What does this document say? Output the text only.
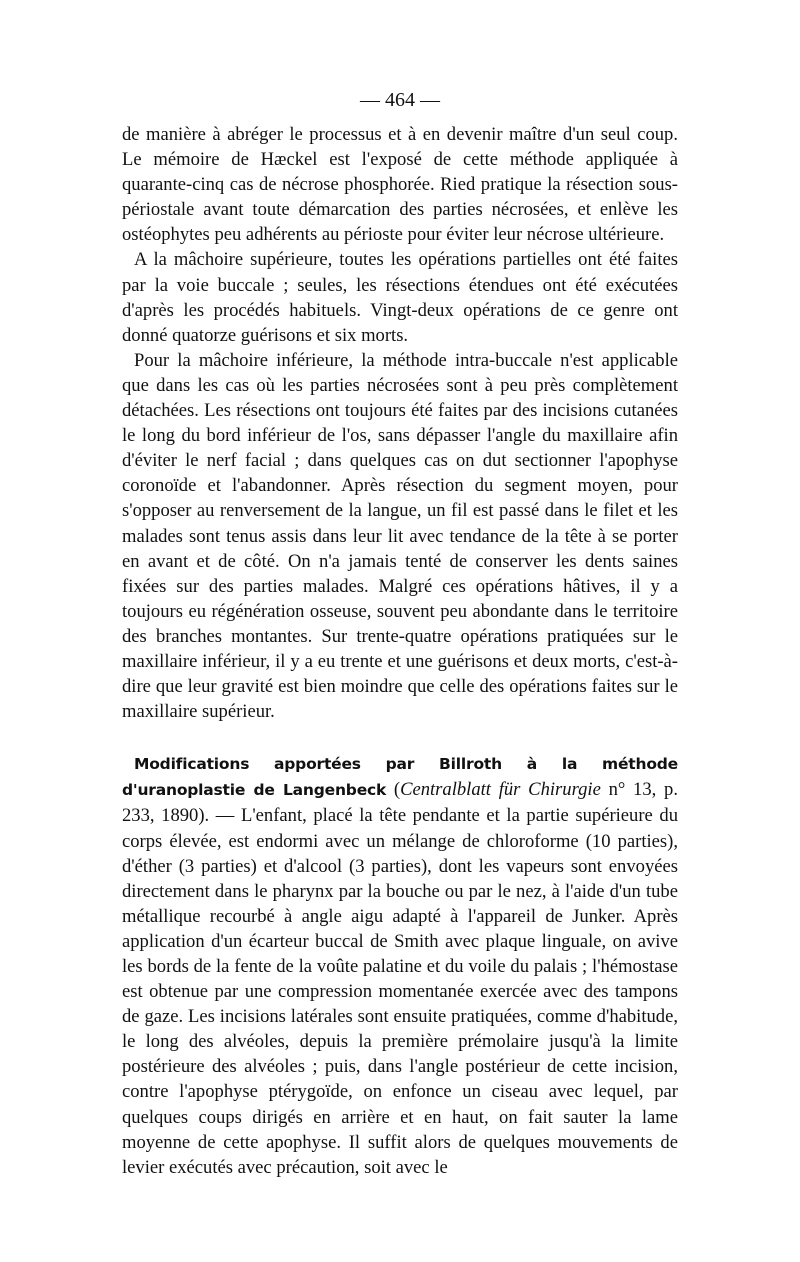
— 464 —

de manière à abréger le processus et à en devenir maître d'un seul coup. Le mémoire de Hæckel est l'exposé de cette méthode appliquée à quarante-cinq cas de nécrose phosphorée. Ried pratique la résection sous-périostale avant toute démarcation des parties nécrosées, et enlève les ostéophytes peu adhérents au périoste pour éviter leur nécrose ultérieure.

A la mâchoire supérieure, toutes les opérations partielles ont été faites par la voie buccale ; seules, les résections étendues ont été exécutées d'après les procédés habituels. Vingt-deux opérations de ce genre ont donné quatorze guérisons et six morts.

Pour la mâchoire inférieure, la méthode intra-buccale n'est applicable que dans les cas où les parties nécrosées sont à peu près complètement détachées. Les résections ont toujours été faites par des incisions cutanées le long du bord inférieur de l'os, sans dépasser l'angle du maxillaire afin d'éviter le nerf facial ; dans quelques cas on dut sectionner l'apophyse coronoïde et l'abandonner. Après résection du segment moyen, pour s'opposer au renversement de la langue, un fil est passé dans le filet et les malades sont tenus assis dans leur lit avec tendance de la tête à se porter en avant et de côté. On n'a jamais tenté de conserver les dents saines fixées sur des parties malades. Malgré ces opérations hâtives, il y a toujours eu régénération osseuse, souvent peu abondante dans le territoire des branches montantes. Sur trente-quatre opérations pratiquées sur le maxillaire inférieur, il y a eu trente et une guérisons et deux morts, c'est-à-dire que leur gravité est bien moindre que celle des opérations faites sur le maxillaire supérieur.

Modifications apportées par Billroth à la méthode d'uranoplastie de Langenbeck (Centralblatt für Chirurgie n° 13, p. 233, 1890). — L'enfant, placé la tête pendante et la partie supérieure du corps élevée, est endormi avec un mélange de chloroforme (10 parties), d'éther (3 parties) et d'alcool (3 parties), dont les vapeurs sont envoyées directement dans le pharynx par la bouche ou par le nez, à l'aide d'un tube métallique recourbé à angle aigu adapté à l'appareil de Junker. Après application d'un écarteur buccal de Smith avec plaque linguale, on avive les bords de la fente de la voûte palatine et du voile du palais ; l'hémostase est obtenue par une compression momentanée exercée avec des tampons de gaze. Les incisions latérales sont ensuite pratiquées, comme d'habitude, le long des alvéoles, depuis la première prémolaire jusqu'à la limite postérieure des alvéoles ; puis, dans l'angle postérieur de cette incision, contre l'apophyse ptérygoïde, on enfonce un ciseau avec lequel, par quelques coups dirigés en arrière et en haut, on fait sauter la lame moyenne de cette apophyse. Il suffit alors de quelques mouvements de levier exécutés avec précaution, soit avec le
